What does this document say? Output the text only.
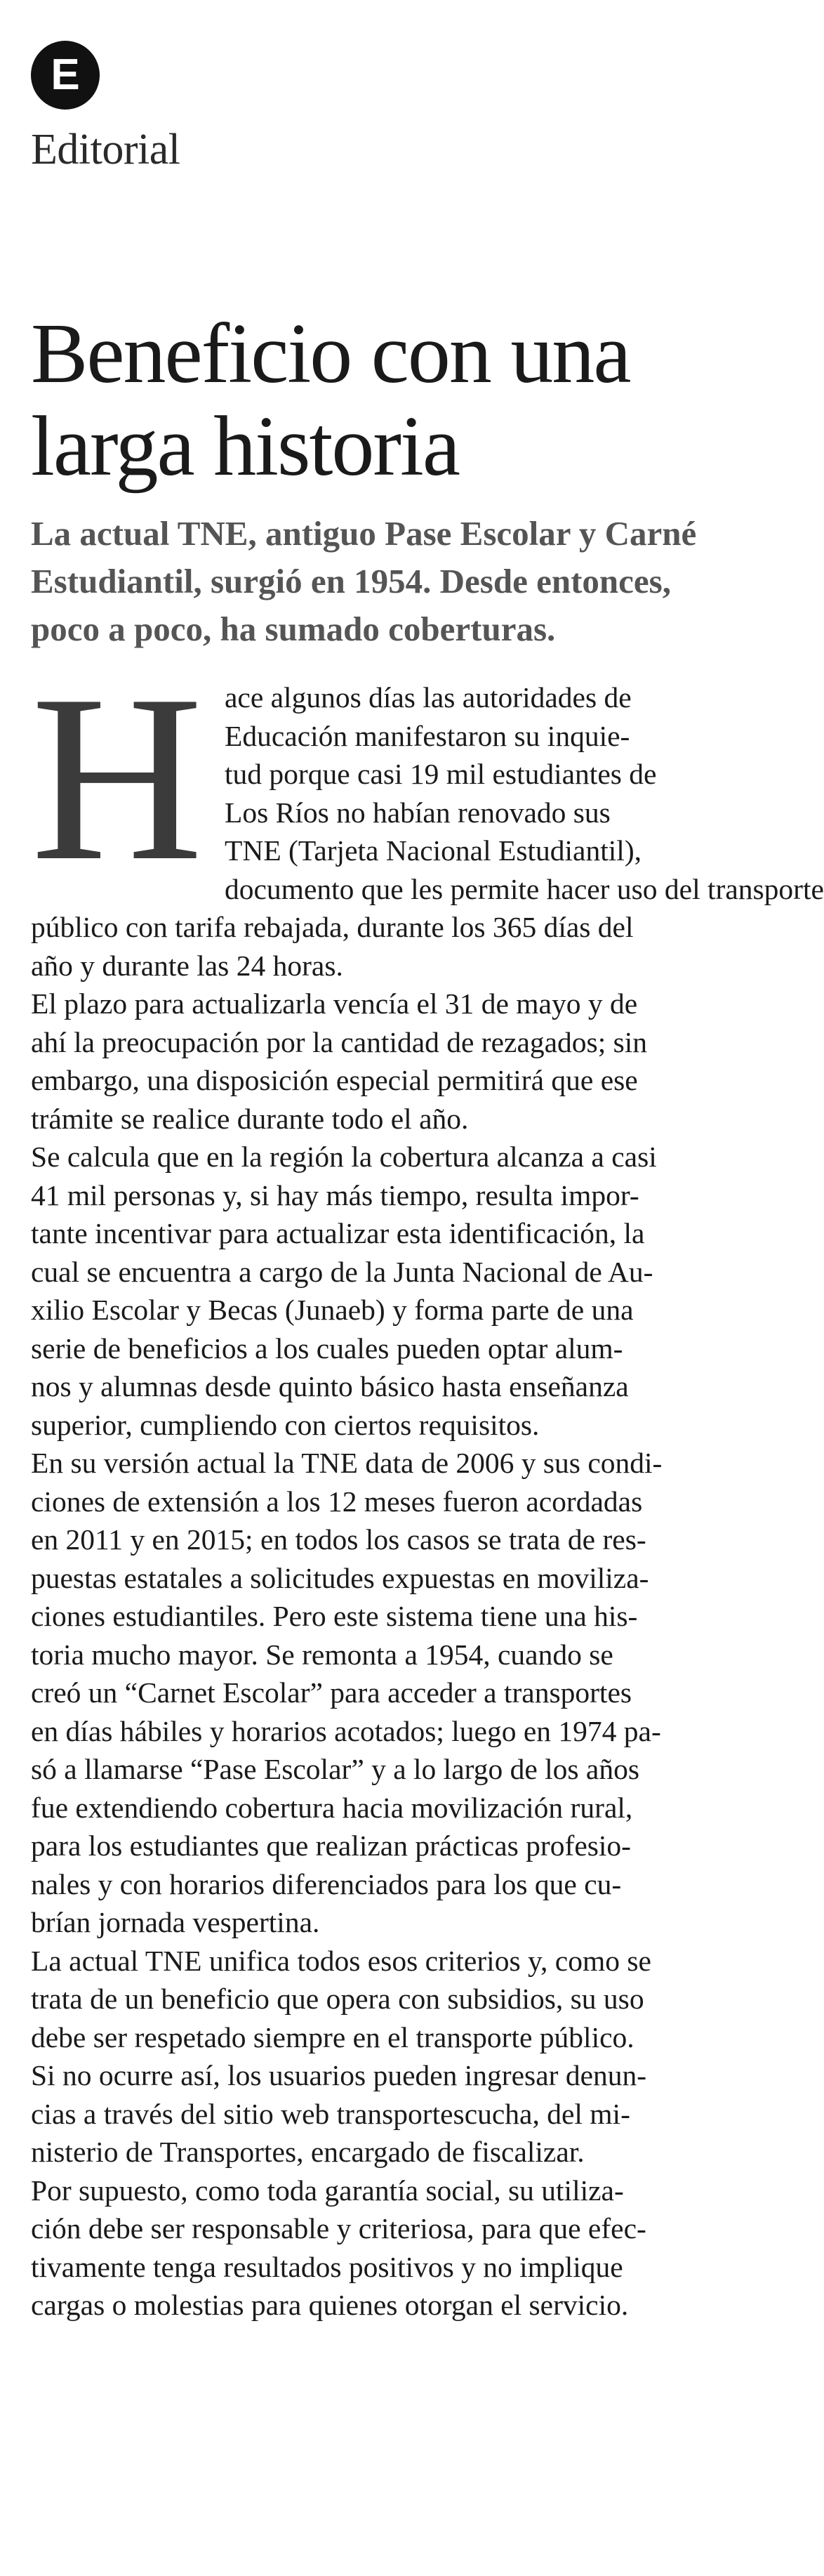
E
Editorial
Beneficio con una
larga historia

La actual TNE, antiguo Pase Escolar y Carné
Estudiantil, surgió en 1954. Desde entonces,
poco a poco, ha sumado coberturas.

H ace algunos días las autoridades de
Educación manifestaron su inquie-
tud porque casi 19 mil estudiantes de
Los Ríos no habían renovado sus
TNE (Tarjeta Nacional Estudiantil),
documento que les permite hacer uso del transporte
público con tarifa rebajada, durante los 365 días del
año y durante las 24 horas.
El plazo para actualizarla vencía el 31 de mayo y de
ahí la preocupación por la cantidad de rezagados; sin
embargo, una disposición especial permitirá que ese
trámite se realice durante todo el año.
Se calcula que en la región la cobertura alcanza a casi
41 mil personas y, si hay más tiempo, resulta impor-
tante incentivar para actualizar esta identificación, la
cual se encuentra a cargo de la Junta Nacional de Au-
xilio Escolar y Becas (Junaeb) y forma parte de una
serie de beneficios a los cuales pueden optar alum-
nos y alumnas desde quinto básico hasta enseñanza
superior, cumpliendo con ciertos requisitos.
En su versión actual la TNE data de 2006 y sus condi-
ciones de extensión a los 12 meses fueron acordadas
en 2011 y en 2015; en todos los casos se trata de res-
puestas estatales a solicitudes expuestas en moviliza-
ciones estudiantiles. Pero este sistema tiene una his-
toria mucho mayor. Se remonta a 1954, cuando se
creó un “Carnet Escolar” para acceder a transportes
en días hábiles y horarios acotados; luego en 1974 pa-
só a llamarse “Pase Escolar” y a lo largo de los años
fue extendiendo cobertura hacia movilización rural,
para los estudiantes que realizan prácticas profesio-
nales y con horarios diferenciados para los que cu-
brían jornada vespertina.
La actual TNE unifica todos esos criterios y, como se
trata de un beneficio que opera con subsidios, su uso
debe ser respetado siempre en el transporte público.
Si no ocurre así, los usuarios pueden ingresar denun-
cias a través del sitio web transportescucha, del mi-
nisterio de Transportes, encargado de fiscalizar.
Por supuesto, como toda garantía social, su utiliza-
ción debe ser responsable y criteriosa, para que efec-
tivamente tenga resultados positivos y no implique
cargas o molestias para quienes otorgan el servicio.
